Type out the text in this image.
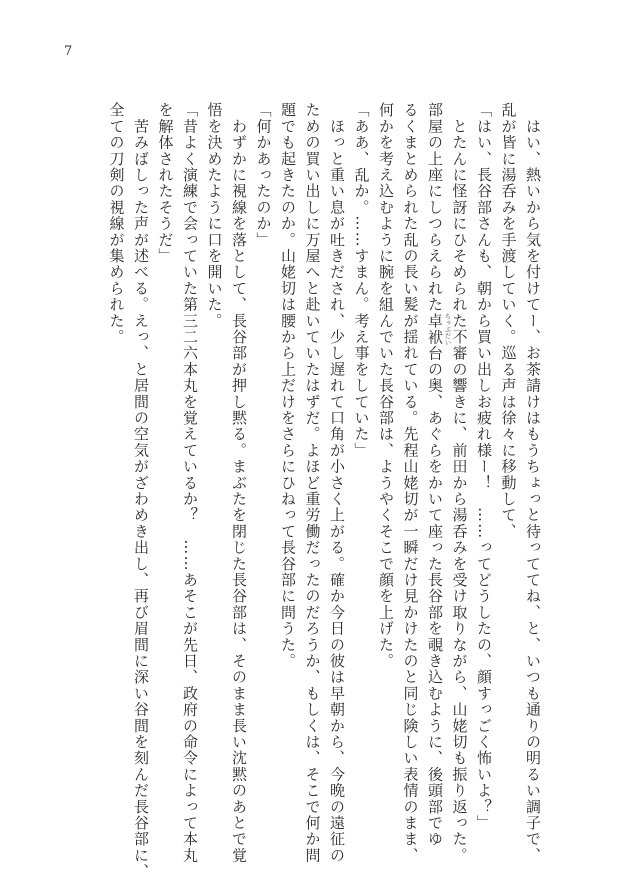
7
　はい、熱いから気を付けてー、お茶請けはもうちょっと待っててね、と、いつも通りの明るい調子で、
乱が皆に湯呑みを手渡していく。巡る声は徐々に移動して、
「はい、長谷部さんも、朝から買い出しお疲れ様ー！　……ってどうしたの、顔すっごく怖いよ？」
　とたんに怪訝にひそめられた不審の響きに、前田から湯呑みを受け取りながら、山姥切も振り返った。
部屋の上座にしつらえられた卓袱台 ちゃぶだい
の奥、あぐらをかいて座った長谷部を覗き込むように、後頭部でゆ
るくまとめられた乱の長い髪が揺れている。先程山姥切が一瞬だけ見かけたのと同じ険しい表情のまま、
何かを考え込むように腕を組んでいた長谷部は、ようやくそこで顔を上げた。
「ああ、乱か。……すまん。考え事をしていた」
　ほっと重い息が吐きだされ、少し遅れて口角が小さく上がる。確か今日の彼は早朝から、今晩の遠征の
ための買い出しに万屋へと赴いていたはずだ。よほど重労働だったのだろうか、もしくは、そこで何か問
題でも起きたのか。山姥切は腰から上だけをさらにひねって長谷部に問うた。
「何かあったのか」
　わずかに視線を落として、長谷部が押し黙る。まぶたを閉じた長谷部は、そのまま長い沈黙のあとで覚
悟を決めたように口を開いた。
「昔よく演練で会っていた第三二六本丸を覚えているか？　……あそこが先日、政府の命令によって本丸
を解体されたそうだ」
　苦みばしった声が述べる。えっ、と居間の空気がざわめき出し、再び眉間に深い谷間を刻んだ長谷部に、
全ての刀剣の視線が集められた。
